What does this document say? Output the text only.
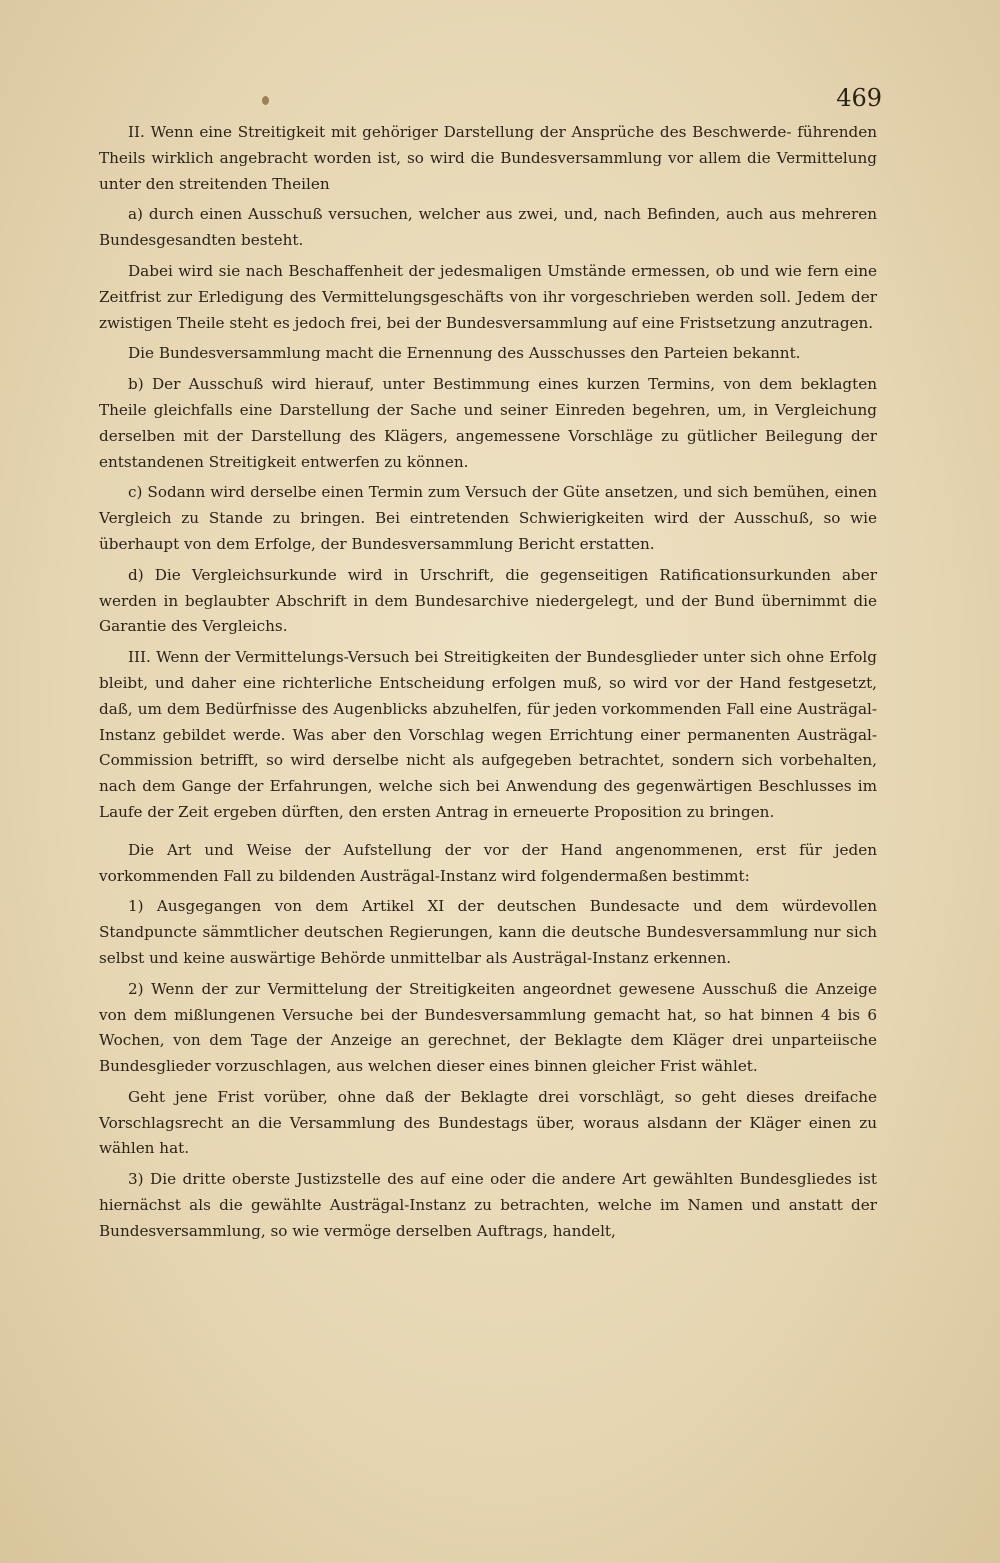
469

II. Wenn eine Streitigkeit mit gehöriger Darstellung der Ansprüche des Beschwerde- führenden Theils wirklich angebracht worden ist, so wird die Bundesversammlung vor allem die Vermittelung unter den streitenden Theilen

a) durch einen Ausschuß versuchen, welcher aus zwei, und, nach Befinden, auch aus mehreren Bundesgesandten besteht.

Dabei wird sie nach Beschaffenheit der jedesmaligen Umstände ermessen, ob und wie fern eine Zeitfrist zur Erledigung des Vermittelungsgeschäfts von ihr vorgeschrieben werden soll. Jedem der zwistigen Theile steht es jedoch frei, bei der Bundesversammlung auf eine Fristsetzung anzutragen.

Die Bundesversammlung macht die Ernennung des Ausschusses den Parteien bekannt.

b) Der Ausschuß wird hierauf, unter Bestimmung eines kurzen Termins, von dem beklagten Theile gleichfalls eine Darstellung der Sache und seiner Einreden begehren, um, in Vergleichung derselben mit der Darstellung des Klägers, angemessene Vorschläge zu gütlicher Beilegung der entstandenen Streitigkeit entwerfen zu können.

c) Sodann wird derselbe einen Termin zum Versuch der Güte ansetzen, und sich bemühen, einen Vergleich zu Stande zu bringen. Bei eintretenden Schwierigkeiten wird der Ausschuß, so wie überhaupt von dem Erfolge, der Bundesversammlung Bericht erstatten.

d) Die Vergleichsurkunde wird in Urschrift, die gegenseitigen Ratificationsurkunden aber werden in beglaubter Abschrift in dem Bundesarchive niedergelegt, und der Bund übernimmt die Garantie des Vergleichs.

III. Wenn der Vermittelungs-Versuch bei Streitigkeiten der Bundesglieder unter sich ohne Erfolg bleibt, und daher eine richterliche Entscheidung erfolgen muß, so wird vor der Hand festgesetzt, daß, um dem Bedürfnisse des Augenblicks abzuhelfen, für jeden vorkommenden Fall eine Austrägal-Instanz gebildet werde. Was aber den Vorschlag wegen Errichtung einer permanenten Austrägal-Commission betrifft, so wird derselbe nicht als aufgegeben betrachtet, sondern sich vorbehalten, nach dem Gange der Erfahrungen, welche sich bei Anwendung des gegenwärtigen Beschlusses im Laufe der Zeit ergeben dürften, den ersten Antrag in erneuerte Proposition zu bringen.

Die Art und Weise der Aufstellung der vor der Hand angenommenen, erst für jeden vorkommenden Fall zu bildenden Austrägal-Instanz wird folgendermaßen bestimmt:

1) Ausgegangen von dem Artikel XI der deutschen Bundesacte und dem würdevollen Standpuncte sämmtlicher deutschen Regierungen, kann die deutsche Bundesversammlung nur sich selbst und keine auswärtige Behörde unmittelbar als Austrägal-Instanz erkennen.

2) Wenn der zur Vermittelung der Streitigkeiten angeordnet gewesene Ausschuß die Anzeige von dem mißlungenen Versuche bei der Bundesversammlung gemacht hat, so hat binnen 4 bis 6 Wochen, von dem Tage der Anzeige an gerechnet, der Beklagte dem Kläger drei unparteiische Bundesglieder vorzuschlagen, aus welchen dieser eines binnen gleicher Frist wählet.

Geht jene Frist vorüber, ohne daß der Beklagte drei vorschlägt, so geht dieses dreifache Vorschlagsrecht an die Versammlung des Bundestags über, woraus alsdann der Kläger einen zu wählen hat.

3) Die dritte oberste Justizstelle des auf eine oder die andere Art gewählten Bundesgliedes ist hiernächst als die gewählte Austrägal-Instanz zu betrachten, welche im Namen und anstatt der Bundesversammlung, so wie vermöge derselben Auftrags, handelt,
